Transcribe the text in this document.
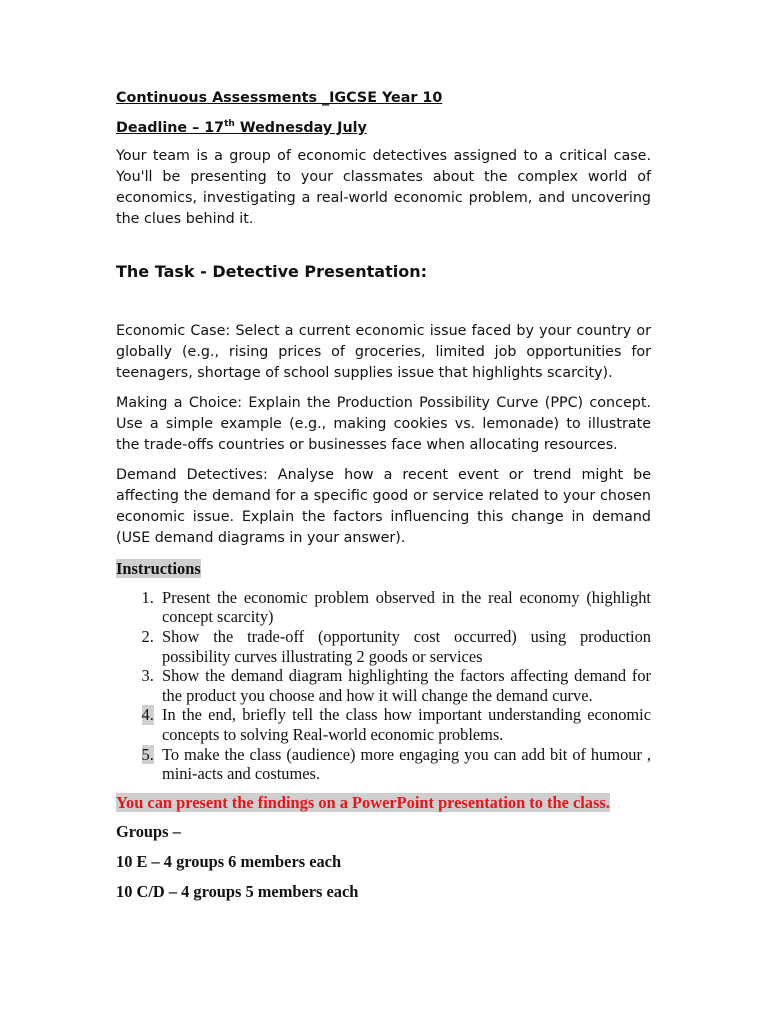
Continuous Assessments _IGCSE Year 10

Deadline – 17th Wednesday July

Your team is a group of economic detectives assigned to a critical case. You'll be presenting to your classmates about the complex world of economics, investigating a real-world economic problem, and uncovering the clues behind it.

The Task - Detective Presentation:

Economic Case: Select a current economic issue faced by your country or globally (e.g., rising prices of groceries, limited job opportunities for teenagers, shortage of school supplies issue that highlights scarcity).

Making a Choice: Explain the Production Possibility Curve (PPC) concept. Use a simple example (e.g., making cookies vs. lemonade) to illustrate the trade-offs countries or businesses face when allocating resources.

Demand Detectives: Analyse how a recent event or trend might be affecting the demand for a specific good or service related to your chosen economic issue. Explain the factors influencing this change in demand (USE demand diagrams in your answer).

Instructions

1. Present the economic problem observed in the real economy (highlight concept scarcity)
2. Show the trade-off (opportunity cost occurred) using production possibility curves illustrating 2 goods or services
3. Show the demand diagram highlighting the factors affecting demand for the product you choose and how it will change the demand curve.
4. In the end, briefly tell the class how important understanding economic concepts to solving Real-world economic problems.
5. To make the class (audience) more engaging you can add bit of humour , mini-acts and costumes.

You can present the findings on a PowerPoint presentation to the class.

Groups –

10 E – 4 groups 6 members each

10 C/D – 4 groups 5 members each
